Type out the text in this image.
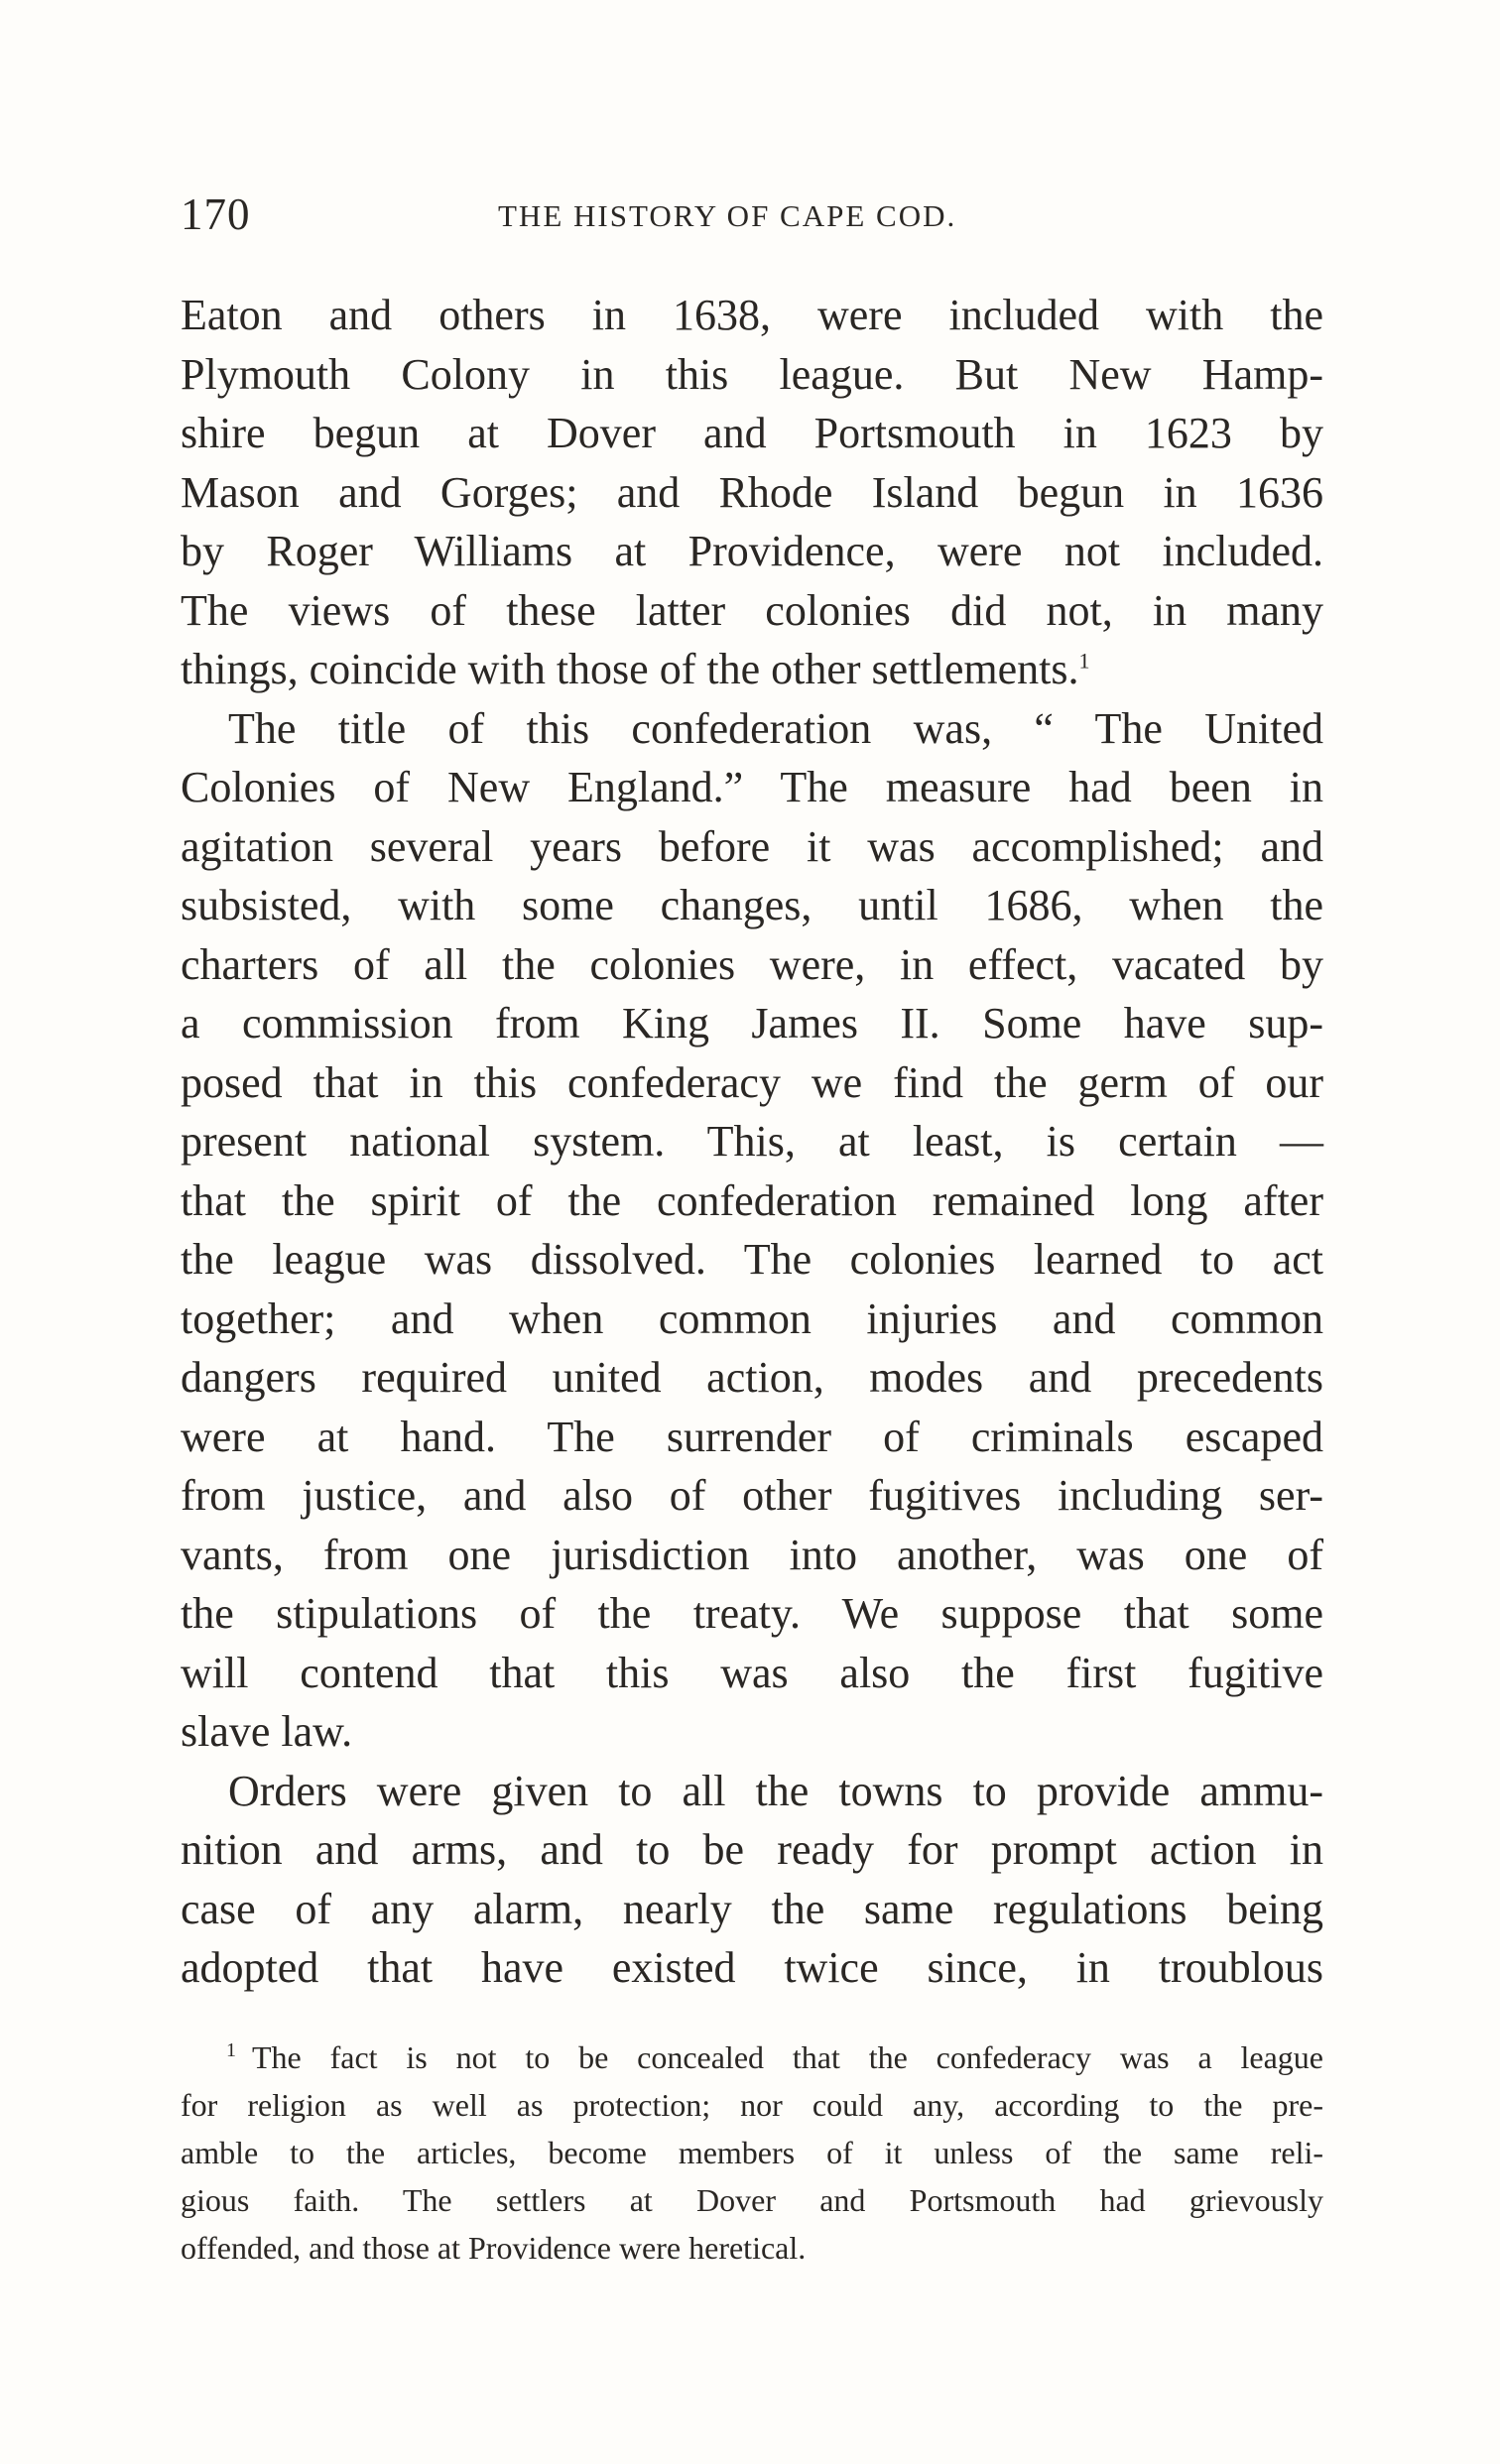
170	THE HISTORY OF CAPE COD.
Eaton and others in 1638, were included with the
Plymouth Colony in this league. But New Hamp-
shire begun at Dover and Portsmouth in 1623 by
Mason and Gorges; and Rhode Island begun in 1636
by Roger Williams at Providence, were not included.
The views of these latter colonies did not, in many
things, coincide with those of the other settlements.$^1$
The title of this confederation was, “ The United
Colonies of New England.” The measure had been in
agitation several years before it was accomplished; and
subsisted, with some changes, until 1686, when the
charters of all the colonies were, in effect, vacated by
a commission from King James II. Some have sup-
posed that in this confederacy we find the germ of our
present national system. This, at least, is certain —
that the spirit of the confederation remained long after
the league was dissolved. The colonies learned to act
together; and when common injuries and common
dangers required united action, modes and precedents
were at hand. The surrender of criminals escaped
from justice, and also of other fugitives including ser-
vants, from one jurisdiction into another, was one of
the stipulations of the treaty. We suppose that some
will contend that this was also the first fugitive
slave law.
Orders were given to all the towns to provide ammu-
nition and arms, and to be ready for prompt action in
case of any alarm, nearly the same regulations being
adopted that have existed twice since, in troublous
$^1$ The fact is not to be concealed that the confederacy was a league
for religion as well as protection; nor could any, according to the pre-
amble to the articles, become members of it unless of the same reli-
gious faith. The settlers at Dover and Portsmouth had grievously
offended, and those at Providence were heretical.
